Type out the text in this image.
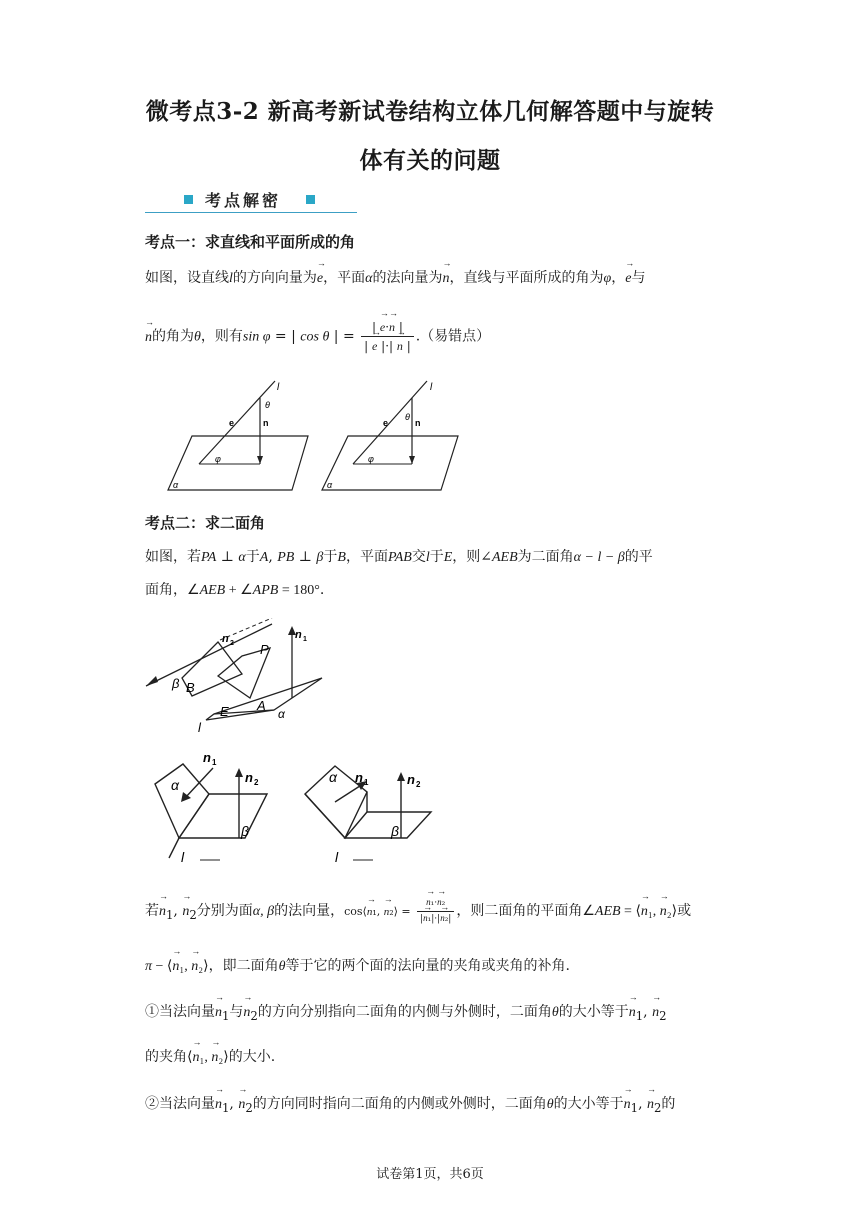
微考点3-2 新高考新试卷结构立体几何解答题中与旋转
体有关的问题
考点解密
考点一：求直线和平面所成的角
如图，设直线l的方向向量为→ e，平面α的法向量为→ n，直线与平面所成的角为φ，→ e与
→ n的角为θ，则有sin φ = | cos θ | = $\frac{| \to e\cdot\to n |}{| \to e |\cdot| \to n |}$ .（易错点）
l
θ
e	n
φ
α
l
θ
e	n
φ
α
考点二：求二面角
如图，若PA ⊥ α于A, PB ⊥ β于B，平面PAB交l于E，则∠AEB为二面角α − l − β的平
面角，∠AEB + ∠APB = 180°.
n 2
n 1
P
β B
E A
α
l
n 1
n 2
α
β
l
α n 1	n 2
β
l
若→ $n_1$, → $n_2$分别为面α, β的法向量，cos⟨→ n₁, → n₂⟩ =
→ $\frac{\text{n₁·→ n₂}}{\text{|→ n₁|·|→ n₂|}}$ ，则二面角的平面角∠AEB = ⟨→ n₁, → n₂⟩或
π − ⟨→ n₁, → n₂⟩，即二面角θ等于它的两个面的法向量的夹角或夹角的补角.
①当法向量→ $n_1$与→ $n_2$的方向分别指向二面角的内侧与外侧时，二面角θ的大小等于→ $n_1$, → $n_2$
的夹角⟨→ n₁, → n₂⟩的大小.
②当法向量→ $n_1$, → $n_2$的方向同时指向二面角的内侧或外侧时，二面角θ的大小等于→ $n_1$, → $n_2$的
试卷第1页，共6页
